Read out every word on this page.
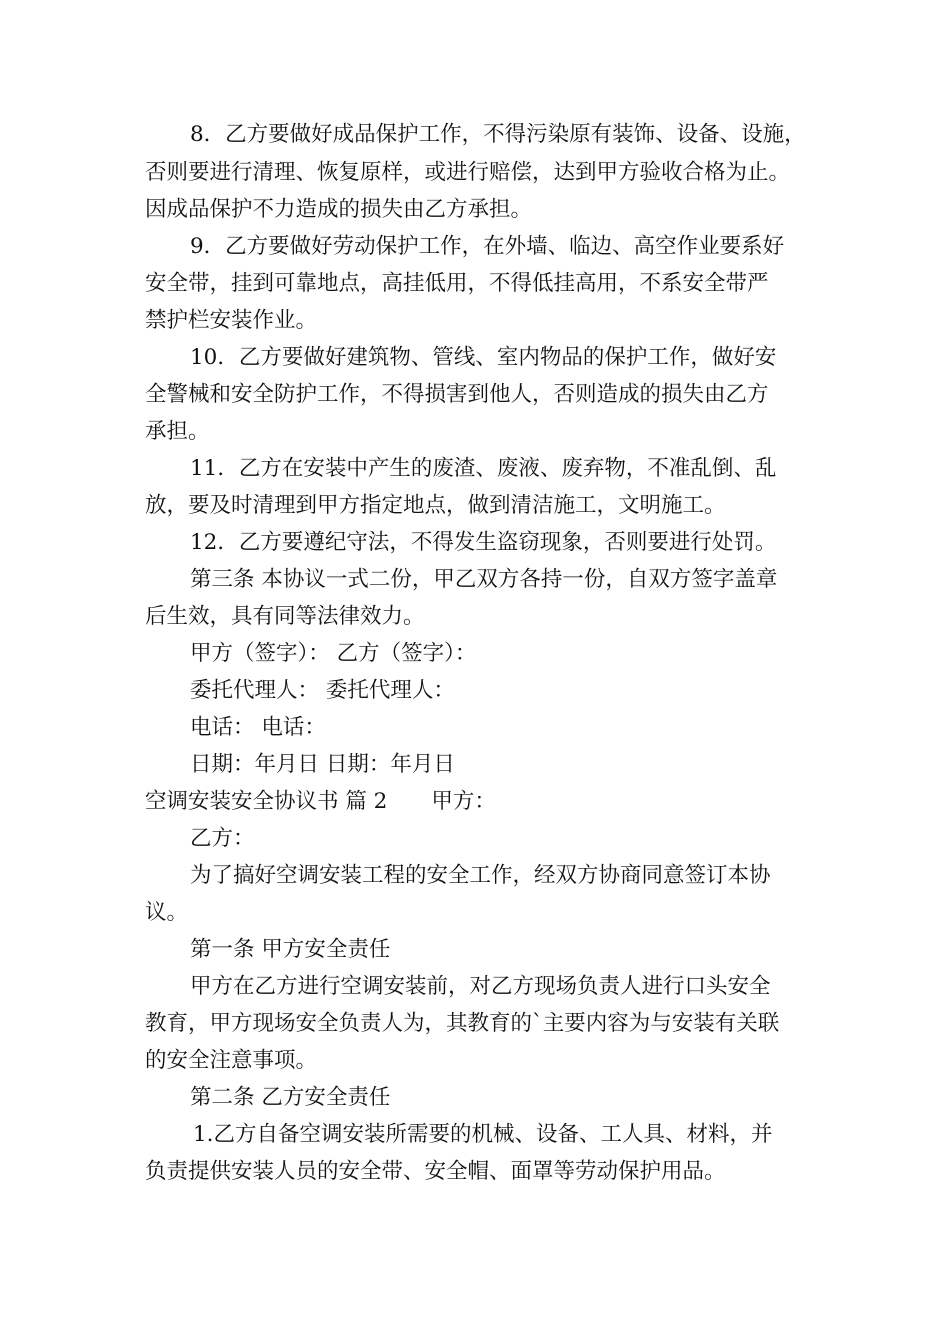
8．乙方要做好成品保护工作，不得污染原有装饰、设备、设施，
否则要进行清理、恢复原样，或进行赔偿，达到甲方验收合格为止。
因成品保护不力造成的损失由乙方承担。
9．乙方要做好劳动保护工作，在外墙、临边、高空作业要系好
安全带，挂到可靠地点，高挂低用，不得低挂高用，不系安全带严
禁护栏安装作业。
10．乙方要做好建筑物、管线、室内物品的保护工作，做好安
全警械和安全防护工作，不得损害到他人，否则造成的损失由乙方
承担。
11．乙方在安装中产生的废渣、废液、废弃物，不准乱倒、乱
放，要及时清理到甲方指定地点，做到清洁施工，文明施工。
12．乙方要遵纪守法，不得发生盗窃现象，否则要进行处罚。
第三条 本协议一式二份，甲乙双方各持一份，自双方签字盖章
后生效，具有同等法律效力。
甲方（签字）： 乙方（签字）：
委托代理人： 委托代理人：
电话： 电话：
日期：年月日 日期：年月日
空调安装安全协议书 篇 2 甲方：
乙方：
为了搞好空调安装工程的安全工作，经双方协商同意签订本协
议。
第一条 甲方安全责任
甲方在乙方进行空调安装前，对乙方现场负责人进行口头安全
教育，甲方现场安全负责人为，其教育的`主要内容为与安装有关联
的安全注意事项。
第二条 乙方安全责任
1.乙方自备空调安装所需要的机械、设备、工人具、材料，并
负责提供安装人员的安全带、安全帽、面罩等劳动保护用品。
